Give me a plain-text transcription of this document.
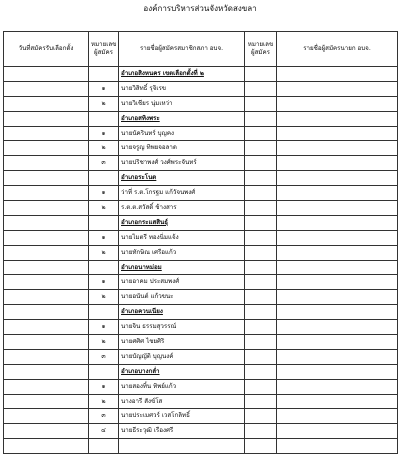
องค์การบริหารส่วนจังหวัดสงขลา
วันที่สมัครรับเลือกตั้ง	หมายเลขผู้สมัคร	รายชื่อผู้สมัครสมาชิกสภา อบจ.	หมายเลขผู้สมัคร	รายชื่อผู้สมัครนายก อบจ.
		อำเภอสิงหนคร เขตเลือกตั้งที่ ๒		
	๑	นายวิสิทธิ์ รุจิเรข		
	๒	นายวิเชียร นุ่มเหว่า		
		อำเภอสทิงพระ		
	๑	นายนัครินทร์ บุญคง		
	๒	นายจรูญ ทิพยจอลาด		
	๓	นายปริชาพงศ์ วงศ์พระจันทร์		
		อำเภอระโนด		
	๑	ว่าที่ ร.ต.โกรฐม แก้วัจนพงศ์		
	๒	ร.ต.ต.สวัสดิ์ ช้างสาร		
		อำเภอกระแสสินธุ์		
	๑	นายไมตรี ทองนิ่มแจ้ง		
	๒	นายทักษิณ เศรือแก้ว		
		อำเภอนาหม่อม		
	๑	นายอาคม ประสมพงศ์		
	๒	นายอนันต์ แก้วขนะ		
		อำเภอควนเนียง		
	๑	นายจิน ธรรมสุวรรณ์		
	๒	นายศศิศ ไชยศิริ		
	๓	นายบัญญัติ บุญนงค์		
		อำเภอบางกล่ำ		
	๑	นายสองทิ้น ทิพย์แก้ว		
	๒	นางอารี สังข์โส		
	๓	นายประเมศวร์ เวสโกลิทธิ์		
	๔	นายธีระวุฒิ เรืองศรี		
